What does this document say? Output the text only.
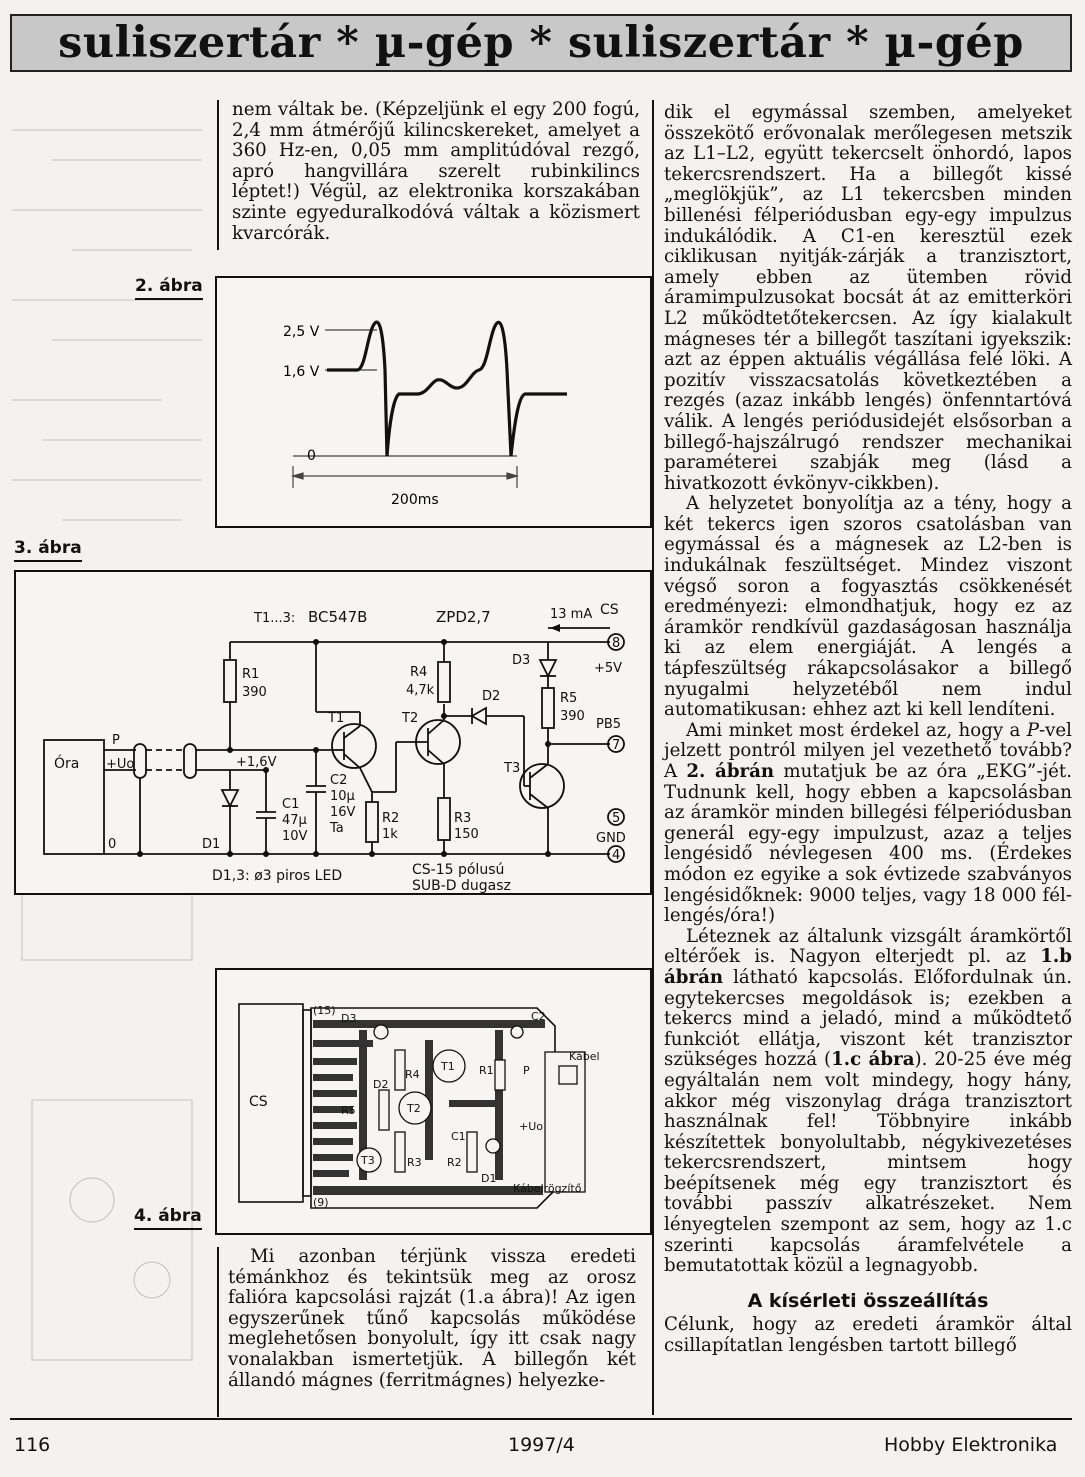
suliszertár * µ-gép * suliszertár * µ-gép

nem váltak be. (Képzeljünk el egy 200 fogú, 2,4 mm átmérőjű kilincskereket, amelyet a 360 Hz-en, 0,05 mm amplitúdóval rezgő, apró hangvillára szerelt rubinkilincs léptet!) Végül, az elektronika korszakában szinte egyeduralkodóvá váltak a közismert kvarcórák.

2. ábra
2,5 V
1,6 V
0
200ms
3. ábra
T1...3: BC547B	ZPD2,7	13 mA CS
8
+5V
PB5
7
5
GND
4
Óra
P
+Uo
0
+1,6V
R1
390
D1
C1
47µ
10V
C2
10µ
16V
Ta
T1	T2
R2
1k
R4
4,7k	D2
R3
150
T3
D3
R5
390
D1,3: ø3 piros LED	CS-15 pólusú
SUB-D dugasz
CS
(15)
(9)
D3	C2
R4
D2
R5
T1
T2
T3
R1	P
C1
+Uo
R3 R2
D1
Kábel
Kábelrögzítő
4. ábra

Mi azonban térjünk vissza eredeti témánkhoz és tekintsük meg az orosz falióra kapcsolási rajzát (1.a ábra)! Az igen egyszerűnek tűnő kapcsolás működése meglehetősen bonyolult, így itt csak nagy vonalakban ismertetjük. A billegőn két állandó mágnes (ferritmágnes) helyezke-

dik el egymással szemben, amelyeket összekötő erővonalak merőlegesen metszik az L1–L2, együtt tekercselt önhordó, lapos tekercsrendszert. Ha a billegőt kissé „meglökjük”, az L1 tekercsben minden billenési félperiódusban egy-egy impulzus indukálódik. A C1-en keresztül ezek ciklikusan nyitják-zárják a tranzisztort, amely ebben az ütemben rövid áramimpulzusokat bocsát át az emitterköri L2 működtetőtekercsen. Az így kialakult mágneses tér a billegőt taszítani igyekszik: azt az éppen aktuális végállása felé löki. A pozitív visszacsatolás következtében a rezgés (azaz inkább lengés) önfenntartóvá válik. A lengés periódusidejét elsősorban a billegő-hajszálrugó rendszer mechanikai paraméterei szabják meg (lásd a hivatkozott évkönyv-cikkben).

A helyzetet bonyolítja az a tény, hogy a két tekercs igen szoros csatolásban van egymással és a mágnesek az L2-ben is indukálnak feszültséget. Mindez viszont végső soron a fogyasztás csökkenését eredményezi: elmondhatjuk, hogy ez az áramkör rendkívül gazdaságosan használja ki az elem energiáját. A lengés a tápfeszültség rákapcsolásakor a billegő nyugalmi helyzetéből nem indul automatikusan: ehhez azt ki kell lendíteni.

Ami minket most érdekel az, hogy a P-vel jelzett pontról milyen jel vezethető tovább? A 2. ábrán mutatjuk be az óra „EKG”-jét. Tudnunk kell, hogy ebben a kapcsolásban az áramkör minden billegési félperiódusban generál egy-egy impulzust, azaz a teljes lengésidő névlegesen 400 ms. (Érdekes módon ez egyike a sok évtizede szabványos lengésidőknek: 9000 teljes, vagy 18 000 fél-lengés/óra!)

Léteznek az általunk vizsgált áramkörtől eltérőek is. Nagyon elterjedt pl. az 1.b ábrán látható kapcsolás. Előfordulnak ún. egytekercses megoldások is; ezekben a tekercs mind a jeladó, mind a működtető funkciót ellátja, viszont két tranzisztor szükséges hozzá (1.c ábra). 20-25 éve még egyáltalán nem volt mindegy, hogy hány, akkor még viszonylag drága tranzisztort használnak fel! Többnyire inkább készítettek bonyolultabb, négykivezetéses tekercsrendszert, mintsem hogy beépítsenek még egy tranzisztort és további passzív alkatrészeket. Nem lényegtelen szempont az sem, hogy az 1.c szerinti kapcsolás áramfelvétele a bemutatottak közül a legnagyobb.

A kísérleti összeállítás

Célunk, hogy az eredeti áramkör által csillapítatlan lengésben tartott billegő

116	1997/4	Hobby Elektronika
